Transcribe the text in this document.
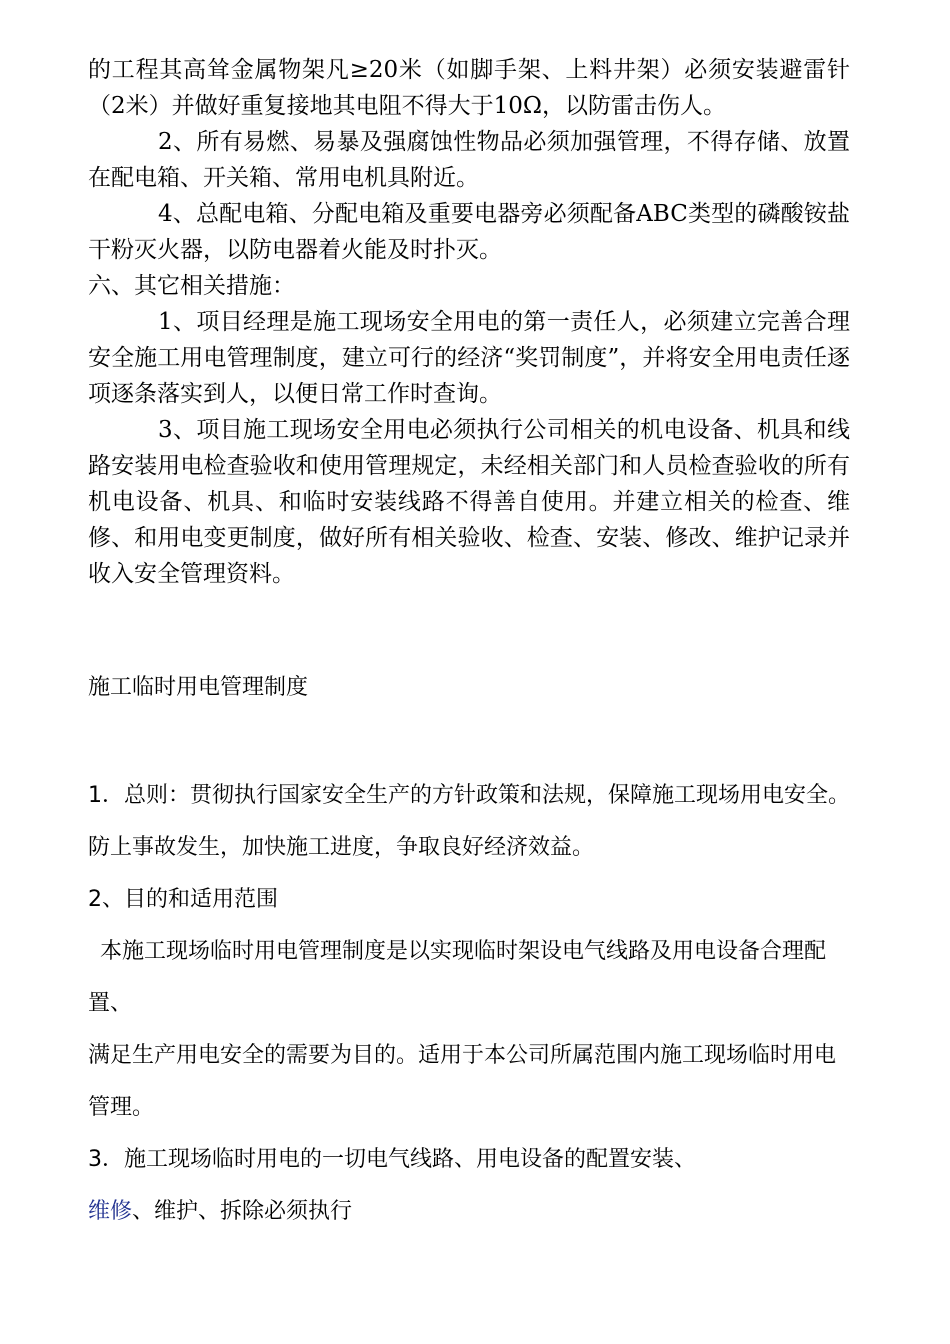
的工程其高耸金属物架凡≥20米（如脚手架、上料井架）必须安装避雷针（2米）并做好重复接地其电阻不得大于10Ω，以防雷击伤人。

2、所有易燃、易暴及强腐蚀性物品必须加强管理，不得存储、放置在配电箱、开关箱、常用电机具附近。

4、总配电箱、分配电箱及重要电器旁必须配备ABC类型的磷酸铵盐干粉灭火器，以防电器着火能及时扑灭。

六、其它相关措施：

1、项目经理是施工现场安全用电的第一责任人，必须建立完善合理安全施工用电管理制度，建立可行的经济“奖罚制度”，并将安全用电责任逐项逐条落实到人，以便日常工作时查询。

3、项目施工现场安全用电必须执行公司相关的机电设备、机具和线路安装用电检查验收和使用管理规定，未经相关部门和人员检查验收的所有机电设备、机具、和临时安装线路不得善自使用。并建立相关的检查、维修、和用电变更制度，做好所有相关验收、检查、安装、修改、维护记录并收入安全管理资料。

施工临时用电管理制度

1．总则：贯彻执行国家安全生产的方针政策和法规，保障施工现场用电安全。防上事故发生，加快施工进度，争取良好经济效益。

2、目的和适用范围

本施工现场临时用电管理制度是以实现临时架设电气线路及用电设备合理配置、

满足生产用电安全的需要为目的。适用于本公司所属范围内施工现场临时用电管理。

3．施工现场临时用电的一切电气线路、用电设备的配置安装、

维修、维护、拆除必须执行
